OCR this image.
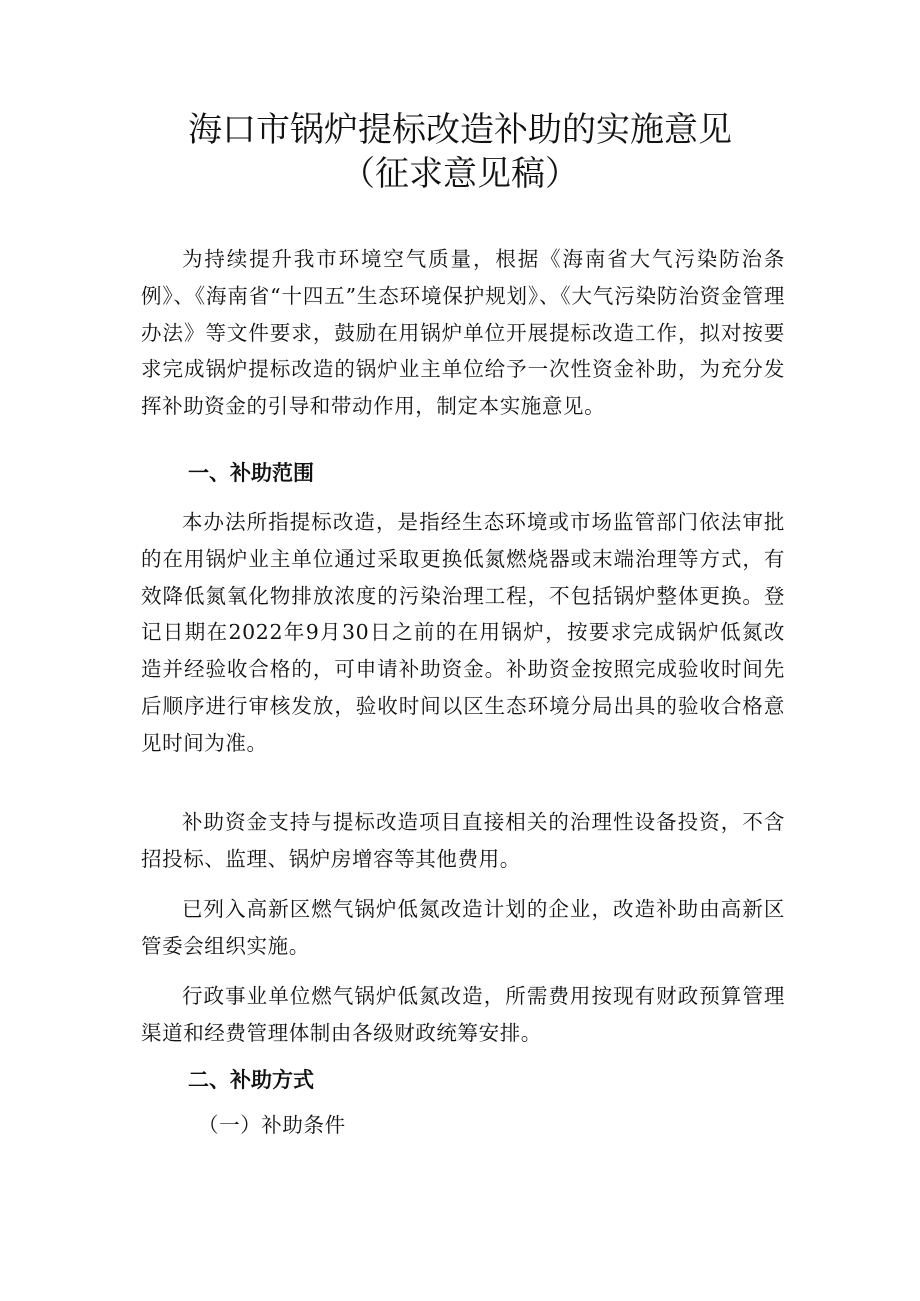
海口市锅炉提标改造补助的实施意见
（征求意见稿）

为持续提升我市环境空气质量，根据《海南省大气污染防治条例》、《海南省“十四五”生态环境保护规划》、《大气污染防治资金管理办法》等文件要求，鼓励在用锅炉单位开展提标改造工作，拟对按要求完成锅炉提标改造的锅炉业主单位给予一次性资金补助，为充分发挥补助资金的引导和带动作用，制定本实施意见。

一、补助范围

本办法所指提标改造，是指经生态环境或市场监管部门依法审批的在用锅炉业主单位通过采取更换低氮燃烧器或末端治理等方式，有效降低氮氧化物排放浓度的污染治理工程，不包括锅炉整体更换。登记日期在2022年9月30日之前的在用锅炉，按要求完成锅炉低氮改造并经验收合格的，可申请补助资金。补助资金按照完成验收时间先后顺序进行审核发放，验收时间以区生态环境分局出具的验收合格意见时间为准。

补助资金支持与提标改造项目直接相关的治理性设备投资，不含招投标、监理、锅炉房增容等其他费用。

已列入高新区燃气锅炉低氮改造计划的企业，改造补助由高新区管委会组织实施。

行政事业单位燃气锅炉低氮改造，所需费用按现有财政预算管理渠道和经费管理体制由各级财政统筹安排。

二、补助方式
（一）补助条件
